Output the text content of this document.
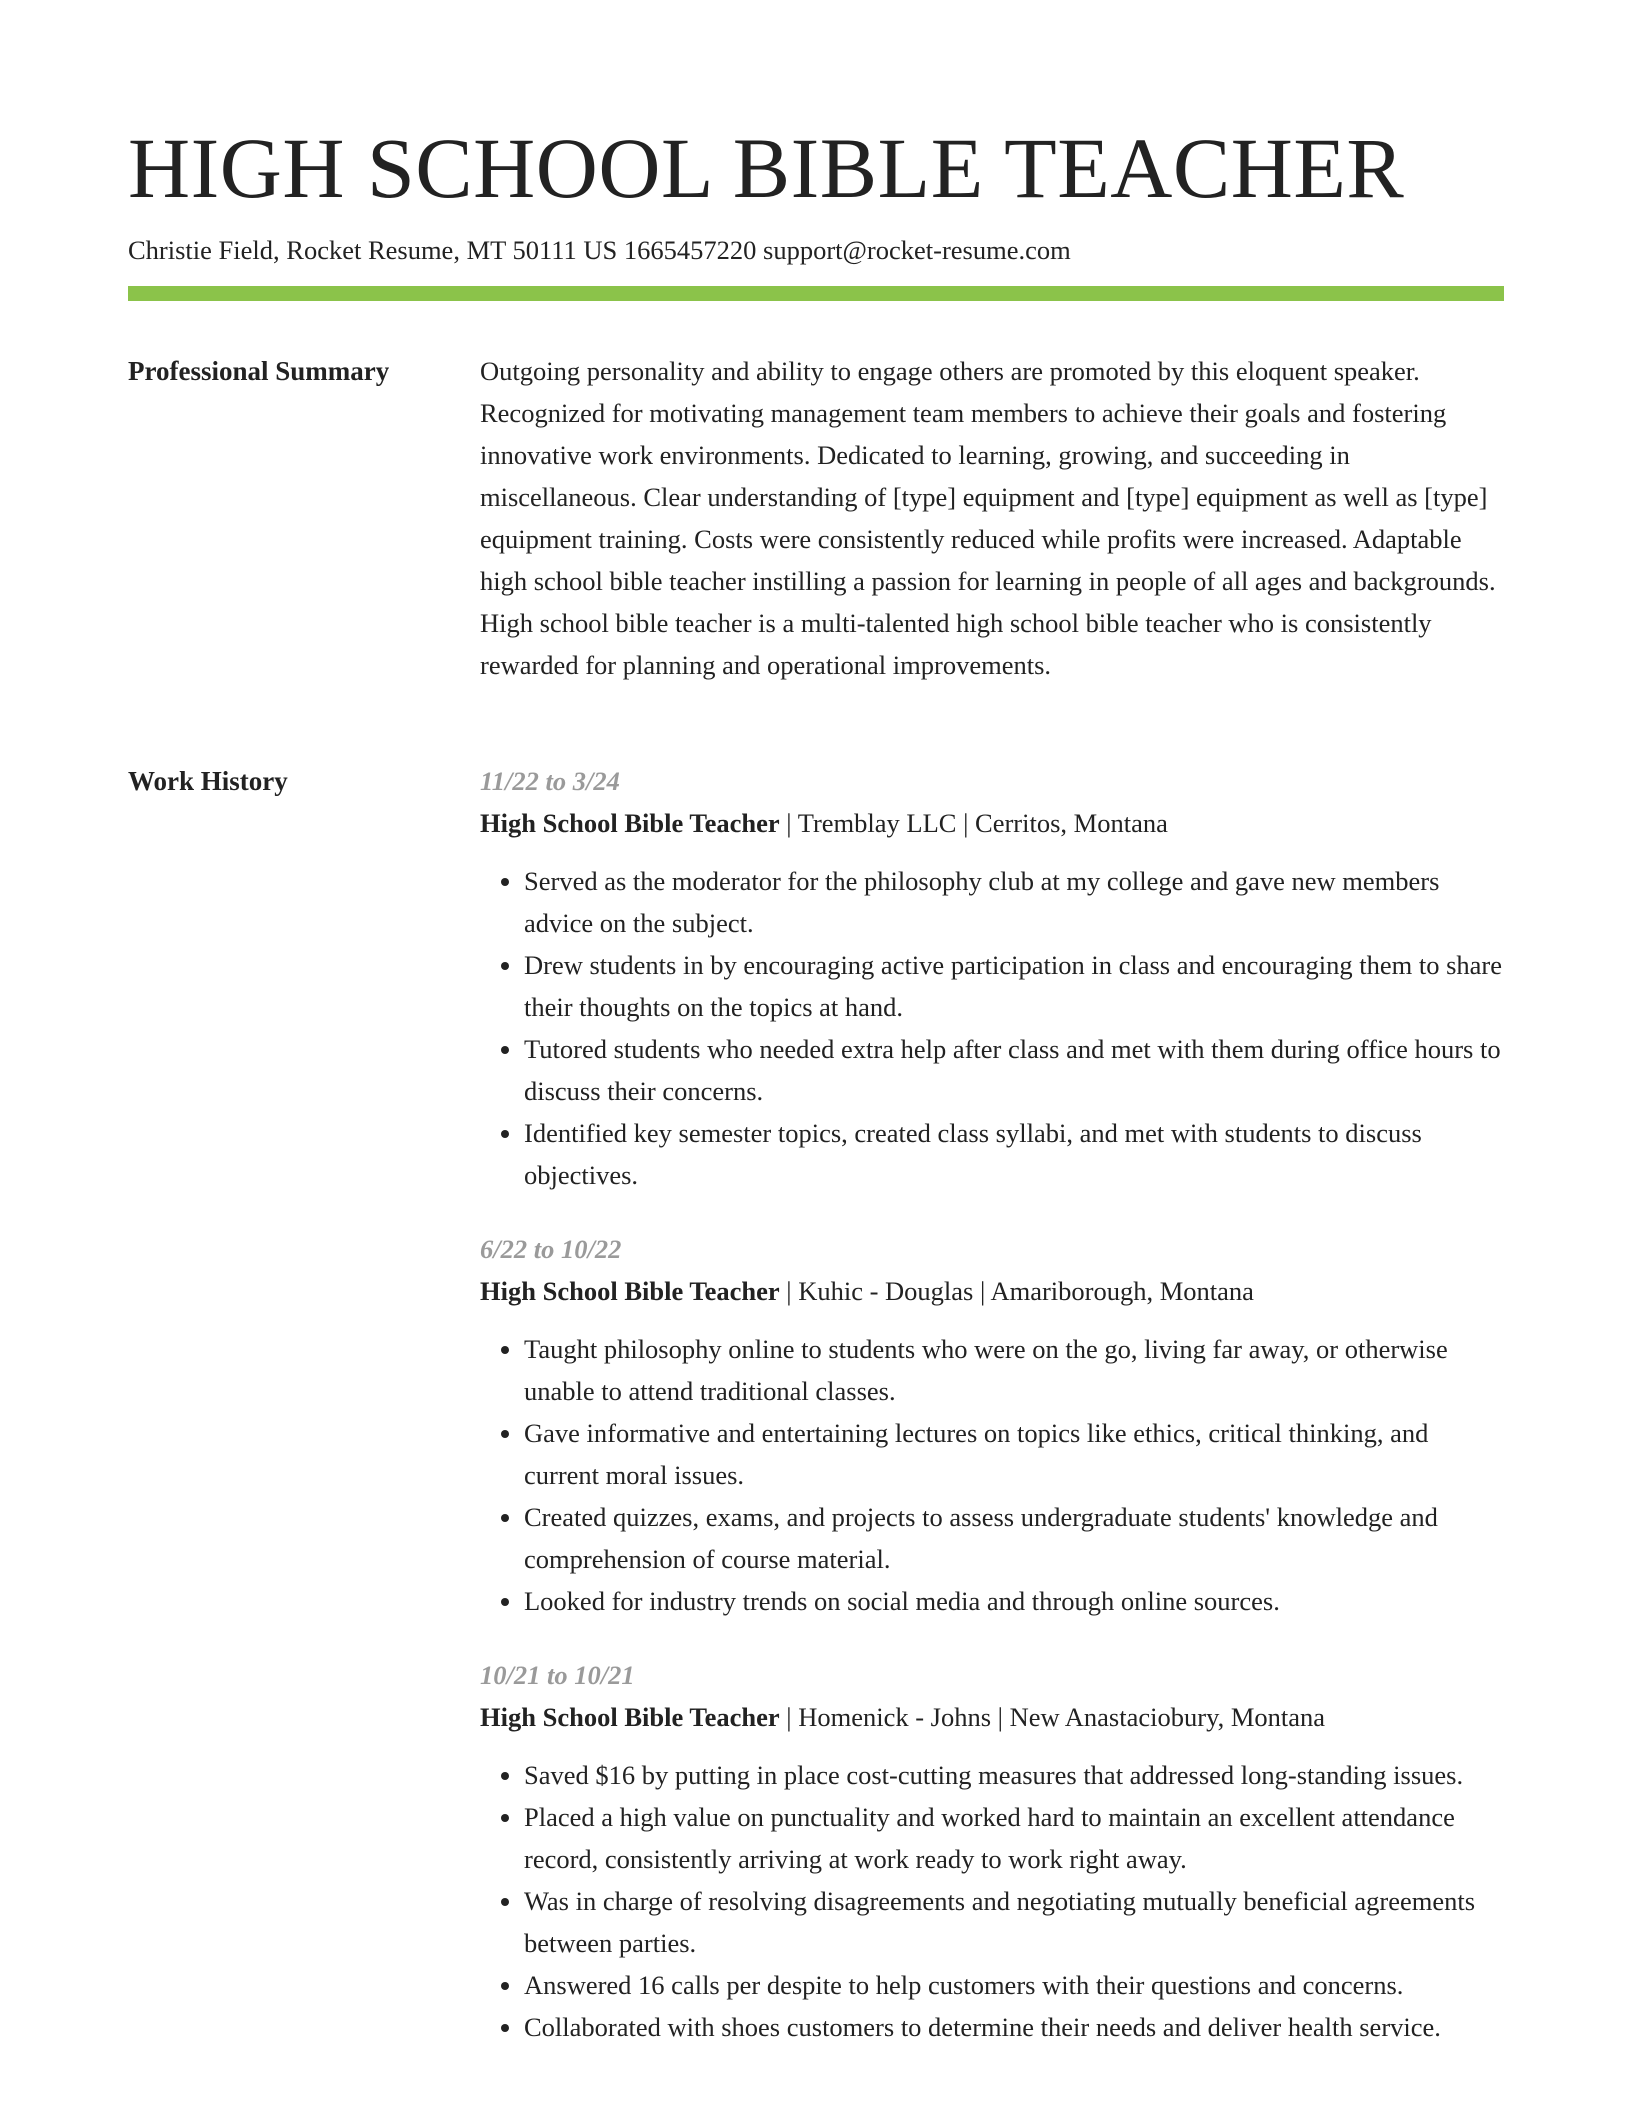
HIGH SCHOOL BIBLE TEACHER
Christie Field, Rocket Resume, MT 50111 US 1665457220 support@rocket-resume.com
Professional Summary	Outgoing personality and ability to engage others are promoted by this eloquent speaker. Recognized for motivating management team members to achieve their goals and fostering innovative work environments. Dedicated to learning, growing, and succeeding in miscellaneous. Clear understanding of [type] equipment and [type] equipment as well as [type] equipment training. Costs were consistently reduced while profits were increased. Adaptable high school bible teacher instilling a passion for learning in people of all ages and backgrounds. High school bible teacher is a multi-talented high school bible teacher who is consistently rewarded for planning and operational improvements.

Work History	11/22 to 3/24
High School Bible Teacher | Tremblay LLC | Cerritos, Montana
• Served as the moderator for the philosophy club at my college and gave new members advice on the subject.
• Drew students in by encouraging active participation in class and encouraging them to share their thoughts on the topics at hand.
• Tutored students who needed extra help after class and met with them during office hours to discuss their concerns.
• Identified key semester topics, created class syllabi, and met with students to discuss objectives.
6/22 to 10/22
High School Bible Teacher | Kuhic - Douglas | Amariborough, Montana
• Taught philosophy online to students who were on the go, living far away, or otherwise unable to attend traditional classes.
• Gave informative and entertaining lectures on topics like ethics, critical thinking, and current moral issues.
• Created quizzes, exams, and projects to assess undergraduate students' knowledge and comprehension of course material.
• Looked for industry trends on social media and through online sources.
10/21 to 10/21
High School Bible Teacher | Homenick - Johns | New Anastaciobury, Montana
• Saved $16 by putting in place cost-cutting measures that addressed long-standing issues.
• Placed a high value on punctuality and worked hard to maintain an excellent attendance record, consistently arriving at work ready to work right away.
• Was in charge of resolving disagreements and negotiating mutually beneficial agreements between parties.
• Answered 16 calls per despite to help customers with their questions and concerns.
• Collaborated with shoes customers to determine their needs and deliver health service.
